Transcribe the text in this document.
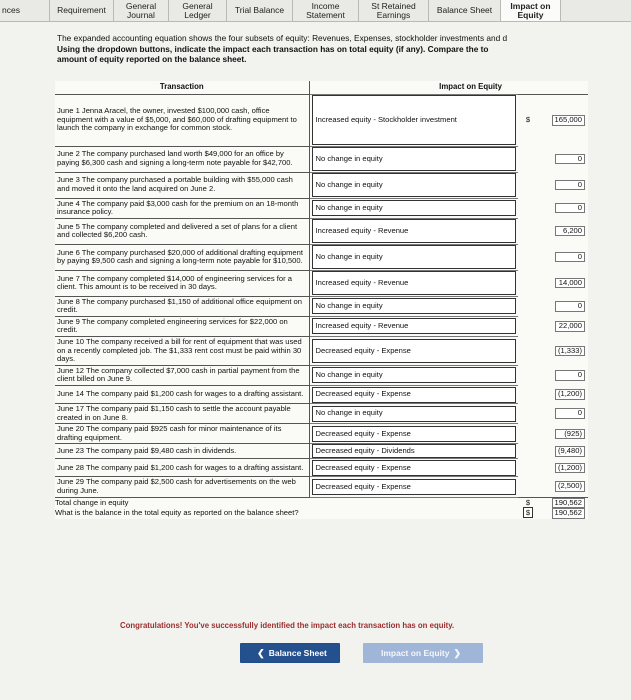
nces	Requirement	General Journal
General Ledger	Trial Balance	Income Statement
St Retained Earnings	Balance Sheet	Impact on Equity
The expanded accounting equation shows the four subsets of equity: Revenues, Expenses, stockholder investments and d
Using the dropdown buttons, indicate the impact each transaction has on total equity (if any). Compare the to
amount of equity reported on the balance sheet.
Transaction	Impact on Equity		
June 1 Jenna Aracel, the owner, invested $100,000 cash, office equipment with a value of $5,000, and $60,000 of drafting equipment to launch the company in exchange for common stock.	Increased equity - Stockholder investment	$	165,000
June 2 The company purchased land worth $49,000 for an office by paying $6,300 cash and signing a long-term note payable for $42,700.	No change in equity		0
June 3 The company purchased a portable building with $55,000 cash and moved it onto the land acquired on June 2.	No change in equity		0
June 4 The company paid $3,000 cash for the premium on an 18-month insurance policy.	No change in equity		0
June 5 The company completed and delivered a set of plans for a client and collected $6,200 cash.	Increased equity - Revenue		6,200
June 6 The company purchased $20,000 of additional drafting equipment by paying $9,500 cash and signing a long-term note payable for $10,500.	No change in equity		0
June 7 The company completed $14,000 of engineering services for a client. This amount is to be received in 30 days.	Increased equity - Revenue		14,000
June 8 The company purchased $1,150 of additional office equipment on credit.	No change in equity		0
June 9 The company completed engineering services for $22,000 on credit.	Increased equity - Revenue		22,000
June 10 The company received a bill for rent of equipment that was used on a recently completed job. The $1,333 rent cost must be paid within 30 days.	Decreased equity - Expense		(1,333)
June 12 The company collected $7,000 cash in partial payment from the client billed on June 9.	No change in equity		0
June 14 The company paid $1,200 cash for wages to a drafting assistant.	Decreased equity - Expense		(1,200)
June 17 The company paid $1,150 cash to settle the account payable created in on June 8.	No change in equity		0
June 20 The company paid $925 cash for minor maintenance of its drafting equipment.	Decreased equity - Expense		(925)
June 23 The company paid $9,480 cash in dividends.	Decreased equity - Dividends		(9,480)
June 28 The company paid $1,200 cash for wages to a drafting assistant.	Decreased equity - Expense		(1,200)
June 29 The company paid $2,500 cash for advertisements on the web during June.	Decreased equity - Expense		(2,500)
Total change in equity		$	190,562
What is the balance in the total equity as reported on the balance sheet?		$	190,562
Congratulations! You've successfully identified the impact each transaction has on equity.
❮ Balance Sheet	Impact on Equity ❯
